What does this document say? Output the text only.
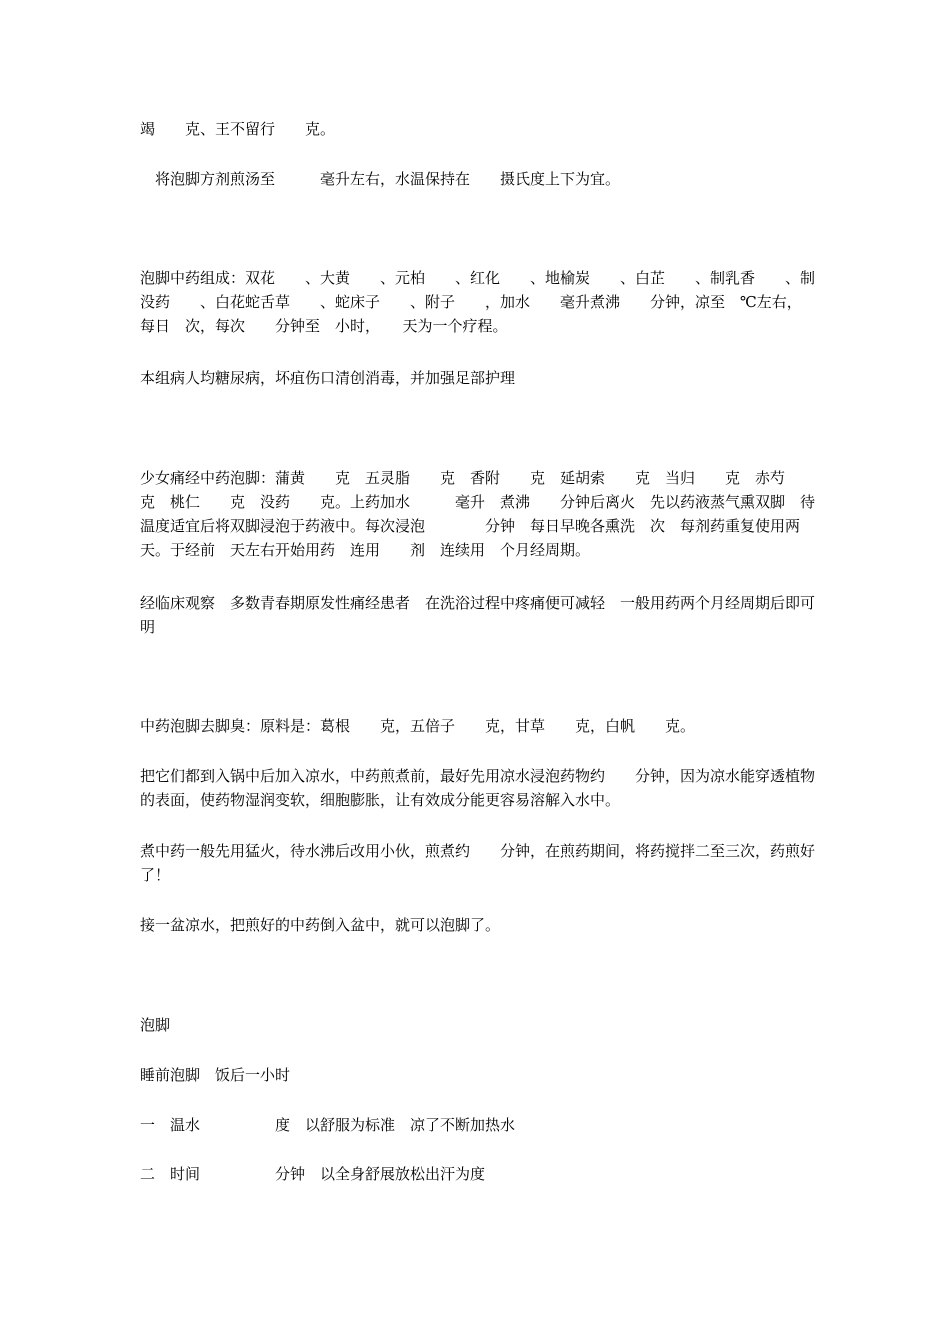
竭　　克、王不留行　　克。

　将泡脚方剂煎汤至　　　毫升左右，水温保持在　　摄氏度上下为宜。

泡脚中药组成：双花　　、大黄　　、元柏　　、红化　　、地榆炭　　、白芷　　、制乳香　　、制没药　　、白花蛇舌草　　、蛇床子　　、附子　　，加水　　毫升煮沸　　分钟，凉至　℃左右，每日　次，每次　　分钟至　小时，　　天为一个疗程。

本组病人均糖尿病，坏疽伤口清创消毒，并加强足部护理

少女痛经中药泡脚：蒲黄　　克　五灵脂　　克　香附　　克　延胡索　　克　当归　　克　赤芍　　克　桃仁　　克　没药　　克。上药加水　　　毫升　煮沸　　分钟后离火　先以药液蒸气熏双脚　待温度适宜后将双脚浸泡于药液中。每次浸泡　　　　分钟　每日早晚各熏洗　次　每剂药重复使用两天。于经前　天左右开始用药　连用　　剂　连续用　个月经周期。

经临床观察　多数青春期原发性痛经患者　在洗浴过程中疼痛便可减轻　一般用药两个月经周期后即可明

中药泡脚去脚臭：原料是：葛根　　克，五倍子　　克，甘草　　克，白帆　　克。

把它们都到入锅中后加入凉水，中药煎煮前，最好先用凉水浸泡药物约　　分钟，因为凉水能穿透植物的表面，使药物湿润变软，细胞膨胀，让有效成分能更容易溶解入水中。

煮中药一般先用猛火，待水沸后改用小伙，煎煮约　　分钟，在煎药期间，将药搅拌二至三次，药煎好了！

接一盆凉水，把煎好的中药倒入盆中，就可以泡脚了。

泡脚

睡前泡脚　饭后一小时

一　温水　　　　　度　以舒服为标准　凉了不断加热水

二　时间　　　　　分钟　以全身舒展放松出汗为度
